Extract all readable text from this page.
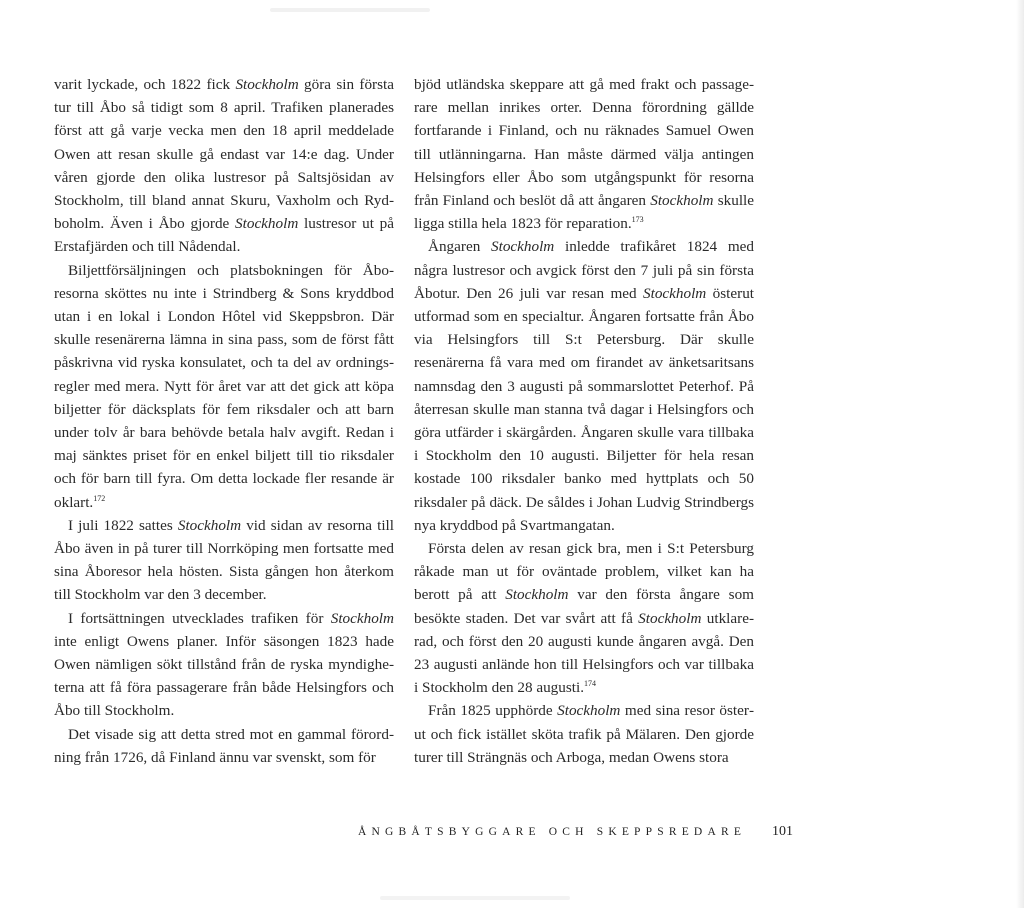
varit lyckade, och 1822 fick Stockholm göra sin första tur till Åbo så tidigt som 8 april. Trafiken planerades först att gå varje vecka men den 18 april meddelade Owen att resan skulle gå endast var 14:e dag. Under våren gjorde den olika lustresor på Saltsjösidan av Stockholm, till bland annat Skuru, Vaxholm och Rydboholm. Även i Åbo gjorde Stockholm lustresor ut på Erstafjärden och till Nådendal.

Biljettförsäljningen och platsbokningen för Åboresorna sköttes nu inte i Strindberg & Sons kryddbod utan i en lokal i London Hôtel vid Skeppsbron. Där skulle resenärerna lämna in sina pass, som de först fått påskrivna vid ryska konsulatet, och ta del av ordningsregler med mera. Nytt för året var att det gick att köpa biljetter för däcksplats för fem riksdaler och att barn under tolv år bara behövde betala halv avgift. Redan i maj sänktes priset för en enkel biljett till tio riksdaler och för barn till fyra. Om detta lockade fler resande är oklart.$^{172}$

I juli 1822 sattes Stockholm vid sidan av resorna till Åbo även in på turer till Norrköping men fortsatte med sina Åboresor hela hösten. Sista gången hon återkom till Stockholm var den 3 december.

I fortsättningen utvecklades trafiken för Stockholm inte enligt Owens planer. Inför säsongen 1823 hade Owen nämligen sökt tillstånd från de ryska myndigheterna att få föra passagerare från både Helsingfors och Åbo till Stockholm.

Det visade sig att detta stred mot en gammal förordning från 1726, då Finland ännu var svenskt, som för

bjöd utländska skeppare att gå med frakt och passagerare mellan inrikes orter. Denna förordning gällde fortfarande i Finland, och nu räknades Samuel Owen till utlänningarna. Han måste därmed välja antingen Helsingfors eller Åbo som utgångspunkt för resorna från Finland och beslöt då att ångaren Stockholm skulle ligga stilla hela 1823 för reparation.$^{173}$

Ångaren Stockholm inledde trafikåret 1824 med några lustresor och avgick först den 7 juli på sin första Åbotur. Den 26 juli var resan med Stockholm österut utformad som en specialtur. Ångaren fortsatte från Åbo via Helsingfors till S:t Petersburg. Där skulle resenärerna få vara med om firandet av änketsaritsans namnsdag den 3 augusti på sommarslottet Peterhof. På återresan skulle man stanna två dagar i Helsingfors och göra utfärder i skärgården. Ångaren skulle vara tillbaka i Stockholm den 10 augusti. Biljetter för hela resan kostade 100 riksdaler banko med hyttplats och 50 riksdaler på däck. De såldes i Johan Ludvig Strindbergs nya kryddbod på Svartmangatan.

Första delen av resan gick bra, men i S:t Petersburg råkade man ut för oväntade problem, vilket kan ha berott på att Stockholm var den första ångare som besökte staden. Det var svårt att få Stockholm utklarerad, och först den 20 augusti kunde ångaren avgå. Den 23 augusti anlände hon till Helsingfors och var tillbaka i Stockholm den 28 augusti.$^{174}$

Från 1825 upphörde Stockholm med sina resor österut och fick istället sköta trafik på Mälaren. Den gjorde turer till Strängnäs och Arboga, medan Owens stora

ÅNGBÅTSBYGGARE OCH SKEPPSREDARE 101
